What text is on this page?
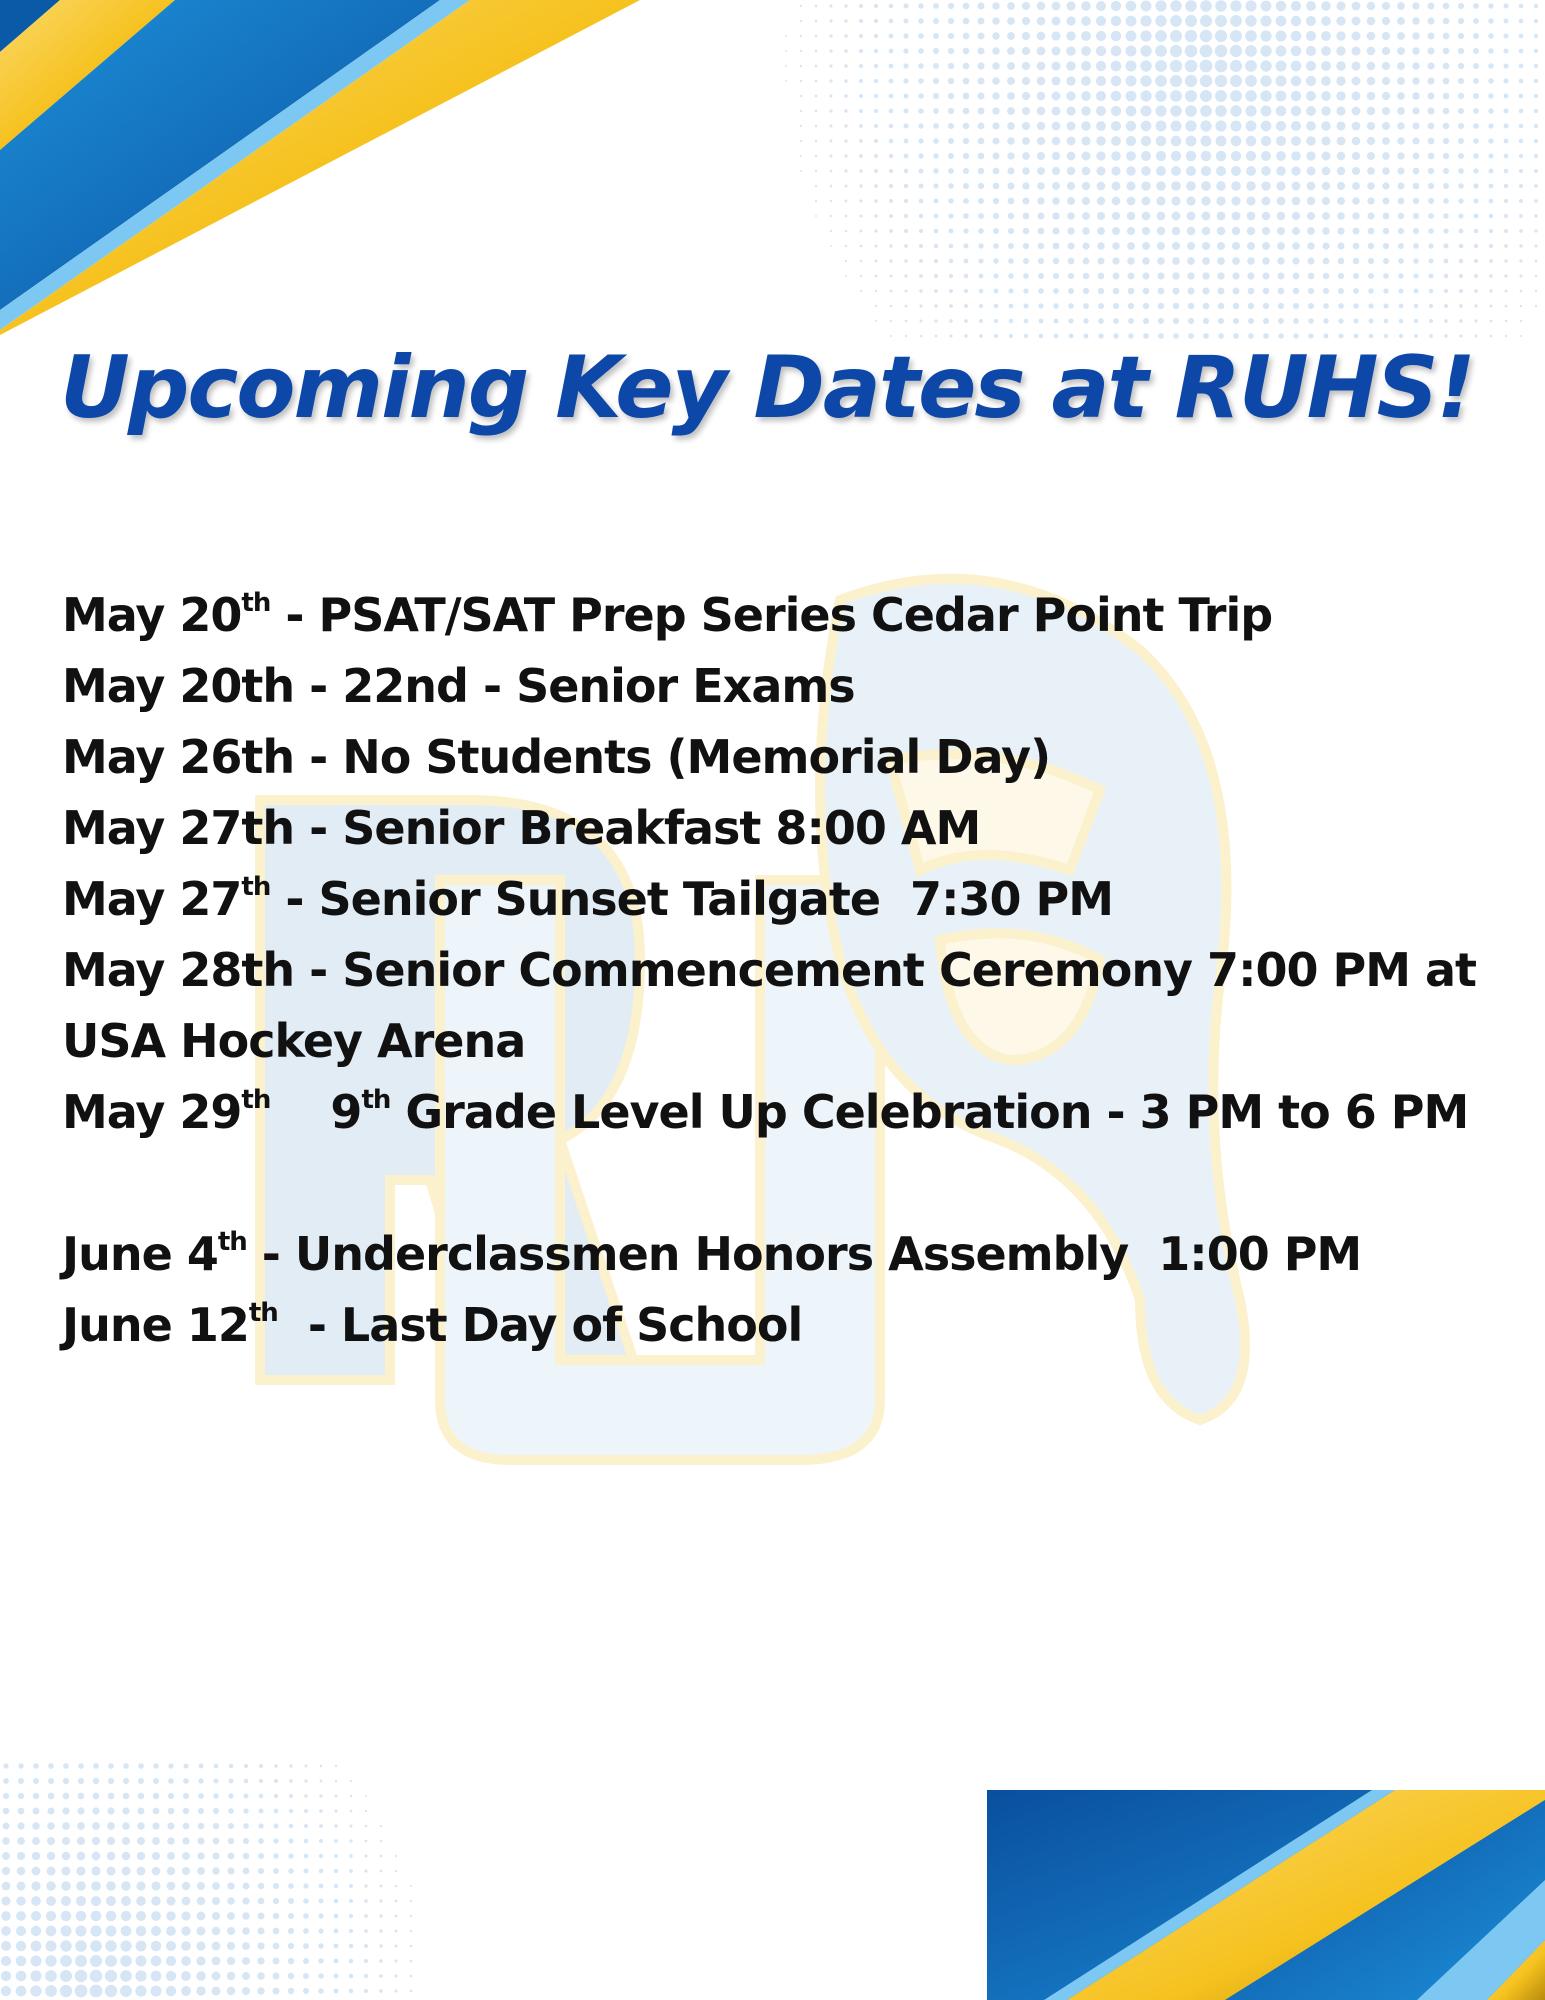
Upcoming Key Dates at RUHS!
May 20th - PSAT/SAT Prep Series Cedar Point Trip
May 20th - 22nd - Senior Exams
May 26th - No Students (Memorial Day)
May 27th - Senior Breakfast 8:00 AM
May 27th - Senior Sunset Tailgate  7:30 PM
May 28th - Senior Commencement Ceremony 7:00 PM at USA Hockey Arena
May 29th    9th Grade Level Up Celebration - 3 PM to 6 PM
June 4th - Underclassmen Honors Assembly  1:00 PM
June 12th  - Last Day of School
